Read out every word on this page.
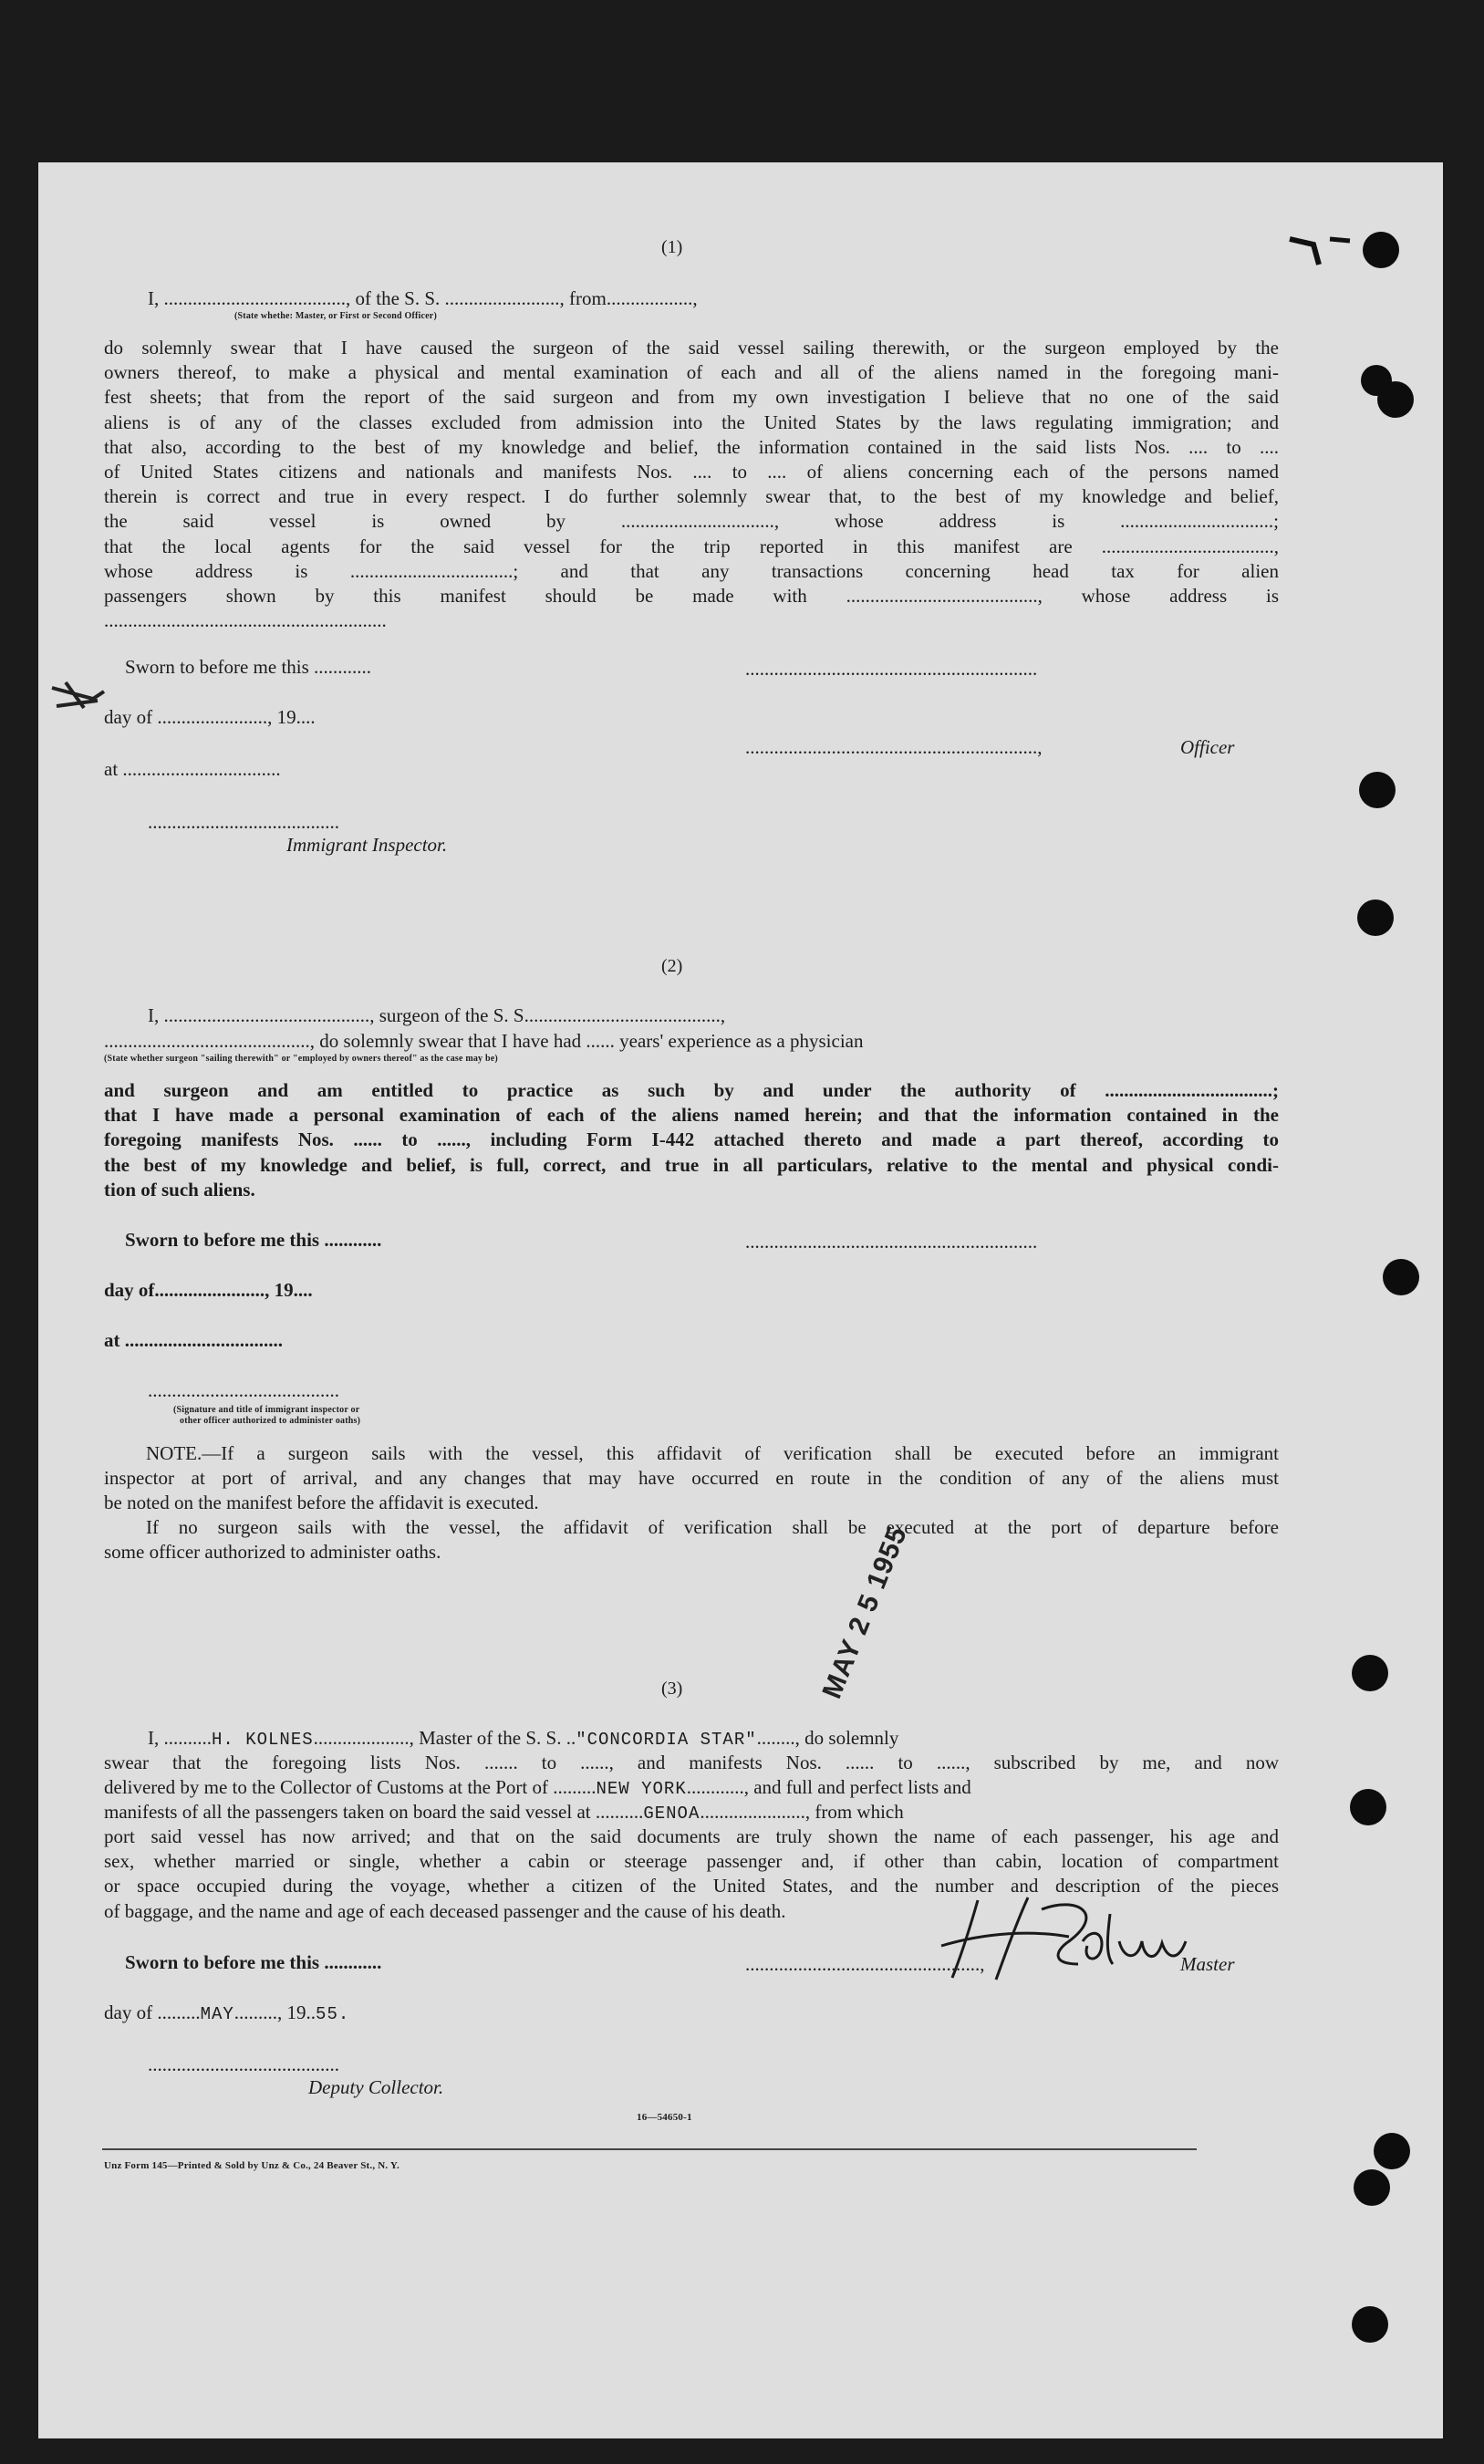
(1)
I, ......................................, of the S. S. ........................, from..................,
(State whethe: Master, or First or Second Officer)
do solemnly swear that I have caused the surgeon of the said vessel sailing therewith, or the surgeon employed by the
owners thereof, to make a physical and mental examination of each and all of the aliens named in the foregoing mani-
fest sheets; that from the report of the said surgeon and from my own investigation I believe that no one of the said
aliens is of any of the classes excluded from admission into the United States by the laws regulating immigration; and
that also, according to the best of my knowledge and belief, the information contained in the said lists Nos. .... to ....
of United States citizens and nationals and manifests Nos. .... to .... of aliens concerning each of the persons named
therein is correct and true in every respect. I do further solemnly swear that, to the best of my knowledge and belief,
the said vessel is owned by ................................, whose address is ................................;
that the local agents for the said vessel for the trip reported in this manifest are ....................................,
whose address is ..................................; and that any transactions concerning head tax for alien
passengers shown by this manifest should be made with ........................................, whose address is
...........................................................
Sworn to before me this ............	.............................................................
day of ......................., 19....
.............................................................,	Officer
at .................................
........................................
Immigrant Inspector.
(2)
I, ..........................................., surgeon of the S. S.........................................,
..........................................., do solemnly swear that I have had ...... years' experience as a physician
(State whether surgeon "sailing therewith" or "employed by owners thereof" as the case may be)
and surgeon and am entitled to practice as such by and under the authority of ...................................;
that I have made a personal examination of each of the aliens named herein; and that the information contained in the
foregoing manifests Nos. ...... to ......, including Form I-442 attached thereto and made a part thereof, according to
the best of my knowledge and belief, is full, correct, and true in all particulars, relative to the mental and physical condi-
tion of such aliens.
Sworn to before me this ............	.............................................................
day of......................., 19....
at .................................
........................................
(Signature and title of immigrant inspector or
other officer authorized to administer oaths)
NOTE.—If a surgeon sails with the vessel, this affidavit of verification shall be executed before an immigrant
inspector at port of arrival, and any changes that may have occurred en route in the condition of any of the aliens must
be noted on the manifest before the affidavit is executed.
If no surgeon sails with the vessel, the affidavit of verification shall be executed at the port of departure before
some officer authorized to administer oaths.	MAY 2 5 1955
(3)
I, ..........H. KOLNES...................., Master of the S. S. .."CONCORDIA STAR"........, do solemnly
swear that the foregoing lists Nos. ....... to ......, and manifests Nos. ...... to ......, subscribed by me, and now
delivered by me to the Collector of Customs at the Port of .........NEW YORK............, and full and perfect lists and
manifests of all the passengers taken on board the said vessel at ..........GENOA......................, from which
port said vessel has now arrived; and that on the said documents are truly shown the name of each passenger, his age and
sex, whether married or single, whether a cabin or steerage passenger and, if other than cabin, location of compartment
or space occupied during the voyage, whether a citizen of the United States, and the number and description of the pieces
of baggage, and the name and age of each deceased passenger and the cause of his death.
Sworn to before me this ............	.................................................,	Master
day of .........MAY........., 19..55.
........................................
Deputy Collector.
16—54650-1
Unz Form 145—Printed & Sold by Unz & Co., 24 Beaver St., N. Y.
